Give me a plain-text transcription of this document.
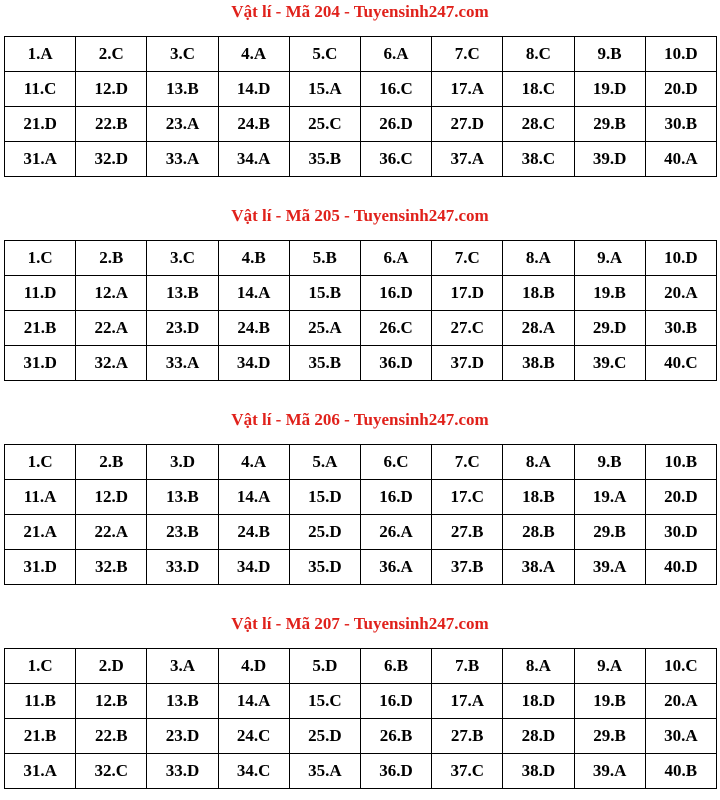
Vật lí - Mã 204 - Tuyensinh247.com
1.A	2.C	3.C	4.A	5.C	6.A	7.C	8.C	9.B	10.D
11.C	12.D	13.B	14.D	15.A	16.C	17.A	18.C	19.D	20.D
21.D	22.B	23.A	24.B	25.C	26.D	27.D	28.C	29.B	30.B
31.A	32.D	33.A	34.A	35.B	36.C	37.A	38.C	39.D	40.A
Vật lí - Mã 205 - Tuyensinh247.com
1.C	2.B	3.C	4.B	5.B	6.A	7.C	8.A	9.A	10.D
11.D	12.A	13.B	14.A	15.B	16.D	17.D	18.B	19.B	20.A
21.B	22.A	23.D	24.B	25.A	26.C	27.C	28.A	29.D	30.B
31.D	32.A	33.A	34.D	35.B	36.D	37.D	38.B	39.C	40.C
Vật lí - Mã 206 - Tuyensinh247.com
1.C	2.B	3.D	4.A	5.A	6.C	7.C	8.A	9.B	10.B
11.A	12.D	13.B	14.A	15.D	16.D	17.C	18.B	19.A	20.D
21.A	22.A	23.B	24.B	25.D	26.A	27.B	28.B	29.B	30.D
31.D	32.B	33.D	34.D	35.D	36.A	37.B	38.A	39.A	40.D
Vật lí - Mã 207 - Tuyensinh247.com
1.C	2.D	3.A	4.D	5.D	6.B	7.B	8.A	9.A	10.C
11.B	12.B	13.B	14.A	15.C	16.D	17.A	18.D	19.B	20.A
21.B	22.B	23.D	24.C	25.D	26.B	27.B	28.D	29.B	30.A
31.A	32.C	33.D	34.C	35.A	36.D	37.C	38.D	39.A	40.B
